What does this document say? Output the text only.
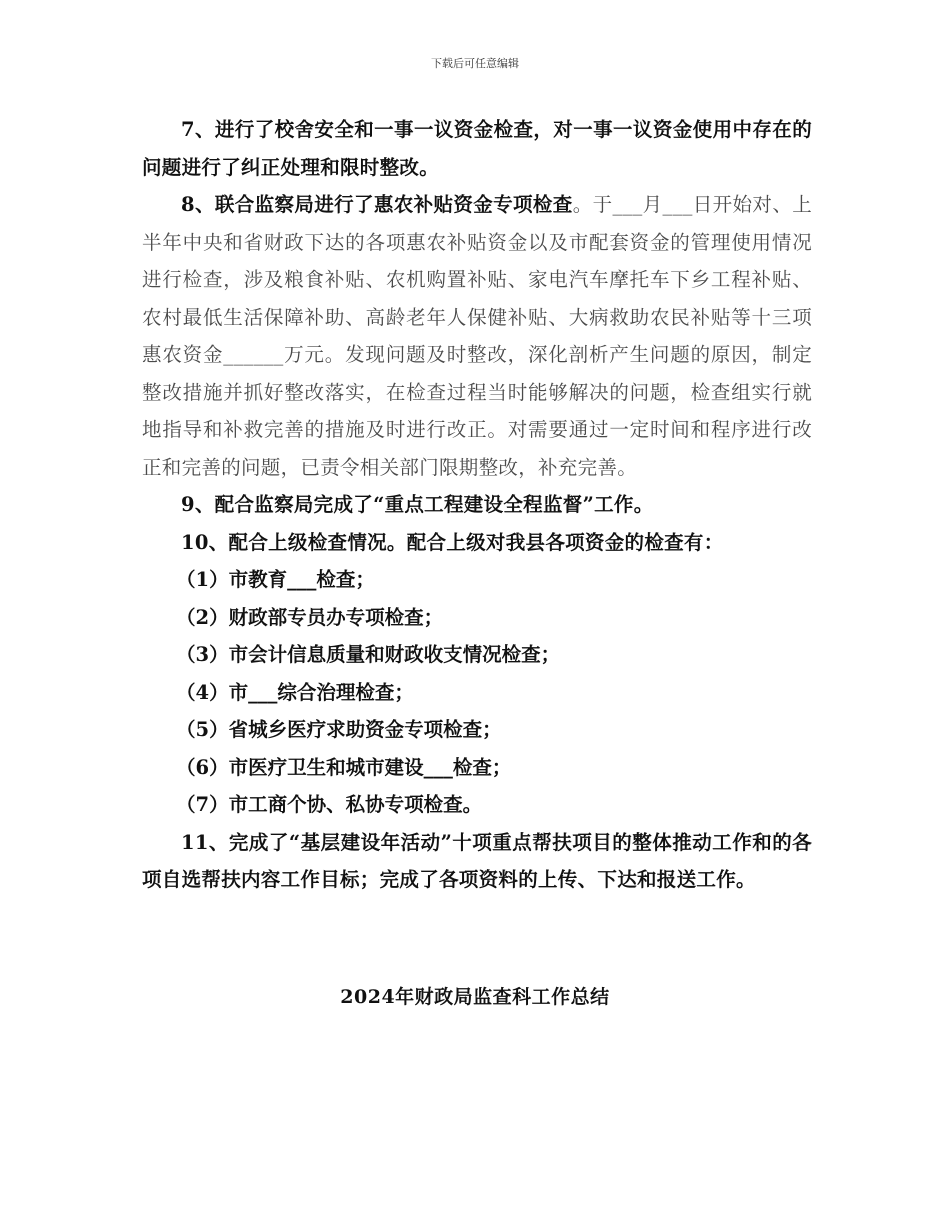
下载后可任意编辑

7、进行了校舍安全和一事一议资金检查，对一事一议资金使用中存在的问题进行了纠正处理和限时整改。

8、联合监察局进行了惠农补贴资金专项检查。于___月___日开始对、上半年中央和省财政下达的各项惠农补贴资金以及市配套资金的管理使用情况进行检查，涉及粮食补贴、农机购置补贴、家电汽车摩托车下乡工程补贴、农村最低生活保障补助、高龄老年人保健补贴、大病救助农民补贴等十三项惠农资金______万元。发现问题及时整改，深化剖析产生问题的原因，制定整改措施并抓好整改落实，在检查过程当时能够解决的问题，检查组实行就地指导和补救完善的措施及时进行改正。对需要通过一定时间和程序进行改正和完善的问题，已责令相关部门限期整改，补充完善。

9、配合监察局完成了“重点工程建设全程监督”工作。

10、配合上级检查情况。配合上级对我县各项资金的检查有：

（1）市教育___检查；

（2）财政部专员办专项检查；

（3）市会计信息质量和财政收支情况检查；

（4）市___综合治理检查；

（5）省城乡医疗求助资金专项检查；

（6）市医疗卫生和城市建设___检查；

（7）市工商个协、私协专项检查。

11、完成了“基层建设年活动”十项重点帮扶项目的整体推动工作和的各项自选帮扶内容工作目标；完成了各项资料的上传、下达和报送工作。

2024年财政局监查科工作总结
